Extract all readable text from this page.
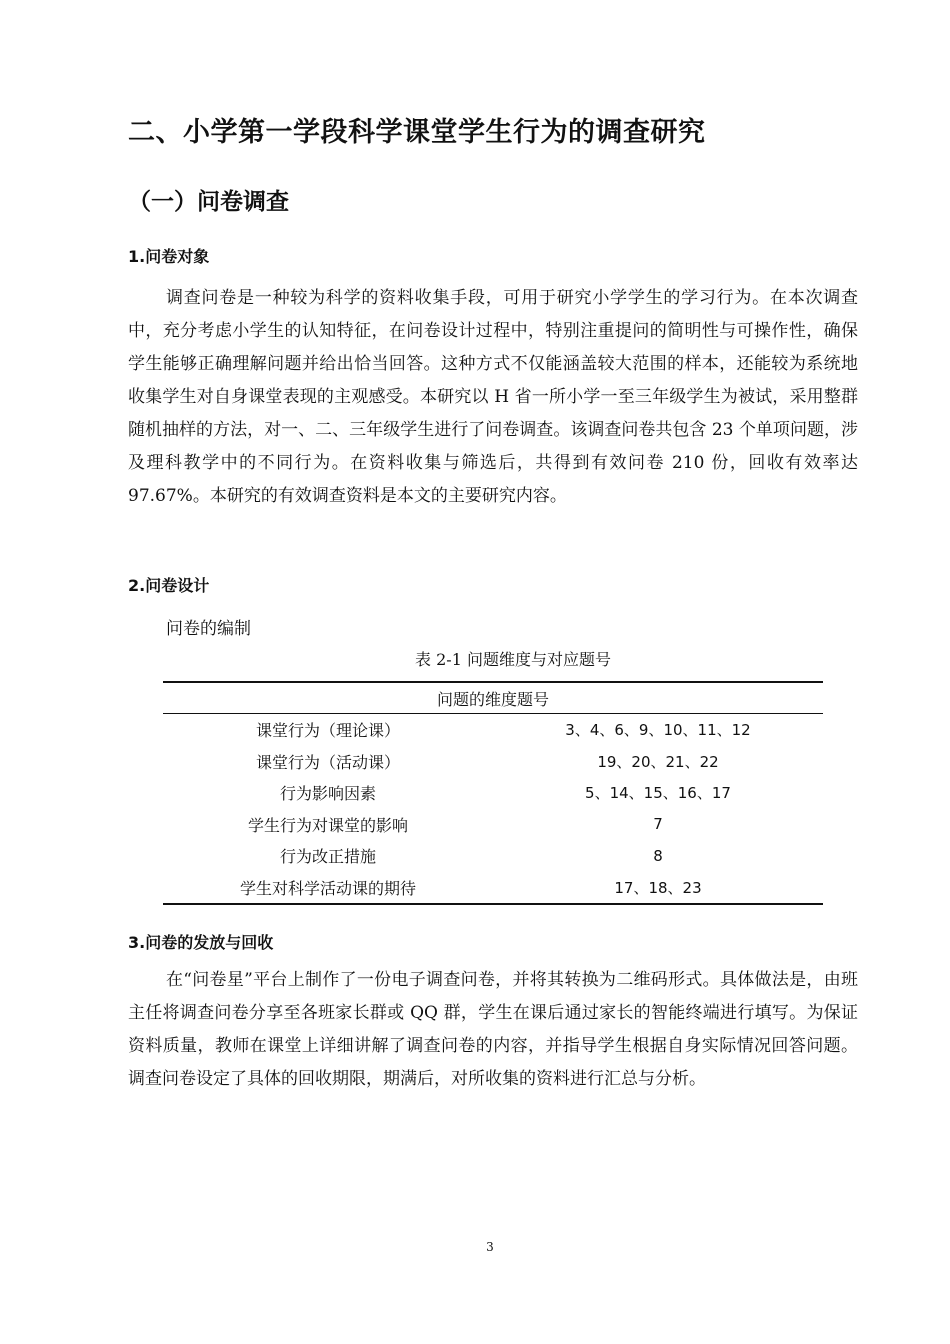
二、小学第一学段科学课堂学生行为的调查研究
（一）问卷调查
1.问卷对象
调查问卷是一种较为科学的资料收集手段，可用于研究小学学生的学习行为。在本次调查中，充分考虑小学生的认知特征，在问卷设计过程中，特别注重提问的简明性与可操作性，确保学生能够正确理解问题并给出恰当回答。这种方式不仅能涵盖较大范围的样本，还能较为系统地收集学生对自身课堂表现的主观感受。本研究以 H 省一所小学一至三年级学生为被试，采用整群随机抽样的方法，对一、二、三年级学生进行了问卷调查。该调查问卷共包含 23 个单项问题，涉及理科教学中的不同行为。在资料收集与筛选后，共得到有效问卷 210 份，回收有效率达 97.67%。本研究的有效调查资料是本文的主要研究内容。
2.问卷设计
问卷的编制
表 2-1 问题维度与对应题号
问题的维度题号	
课堂行为（理论课）	3、4、6、9、10、11、12
课堂行为（活动课）	19、20、21、22
行为影响因素	5、14、15、16、17
学生行为对课堂的影响	7
行为改正措施	8
学生对科学活动课的期待	17、18、23
3.问卷的发放与回收
在“问卷星”平台上制作了一份电子调查问卷，并将其转换为二维码形式。具体做法是，由班主任将调查问卷分享至各班家长群或 QQ 群，学生在课后通过家长的智能终端进行填写。为保证资料质量，教师在课堂上详细讲解了调查问卷的内容，并指导学生根据自身实际情况回答问题。调查问卷设定了具体的回收期限，期满后，对所收集的资料进行汇总与分析。
3
